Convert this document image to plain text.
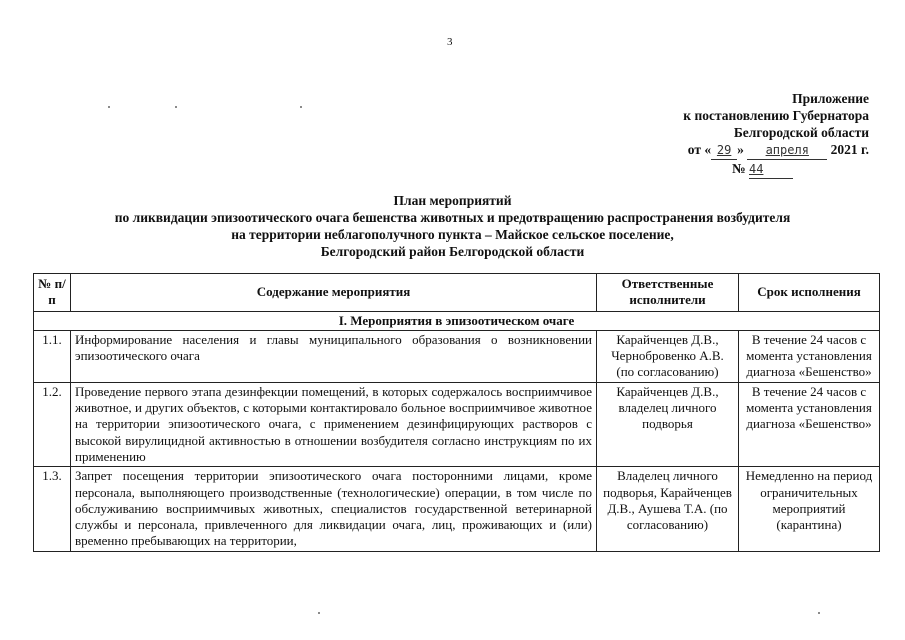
3
Приложение
к постановлению Губернатора
Белгородской области
от « 29 » апреля 2021 г.
№ 44
План мероприятий
по ликвидации эпизоотического очага бешенства животных и предотвращению распространения возбудителя
на территории неблагополучного пункта – Майское сельское поселение,
Белгородский район Белгородской области
№ п/п	Содержание мероприятия	Ответственные исполнители	Срок исполнения
I. Мероприятия в эпизоотическом очаге			
1.1.	Информирование населения и главы муниципального образования о возникновении эпизоотического очага	Карайченцев Д.В., Чернобровенко А.В. (по согласованию)	В течение 24 часов с момента установления диагноза «Бешенство»
1.2.	Проведение первого этапа дезинфекции помещений, в которых содержалось восприимчивое животное, и других объектов, с которыми контактировало больное восприимчивое животное на территории эпизоотического очага, с применением дезинфицирующих растворов с высокой вирулицидной активностью в отношении возбудителя согласно инструкциям по их применению	Карайченцев Д.В., владелец личного подворья	В течение 24 часов с момента установления диагноза «Бешенство»
1.3.	Запрет посещения территории эпизоотического очага посторонними лицами, кроме персонала, выполняющего производственные (технологические) операции, в том числе по обслуживанию восприимчивых животных, специалистов государственной ветеринарной службы и персонала, привлеченного для ликвидации очага, лиц, проживающих и (или) временно пребывающих на территории,	Владелец личного подворья, Карайченцев Д.В., Аушева Т.А. (по согласованию)	Немедленно на период ограничительных мероприятий (карантина)
